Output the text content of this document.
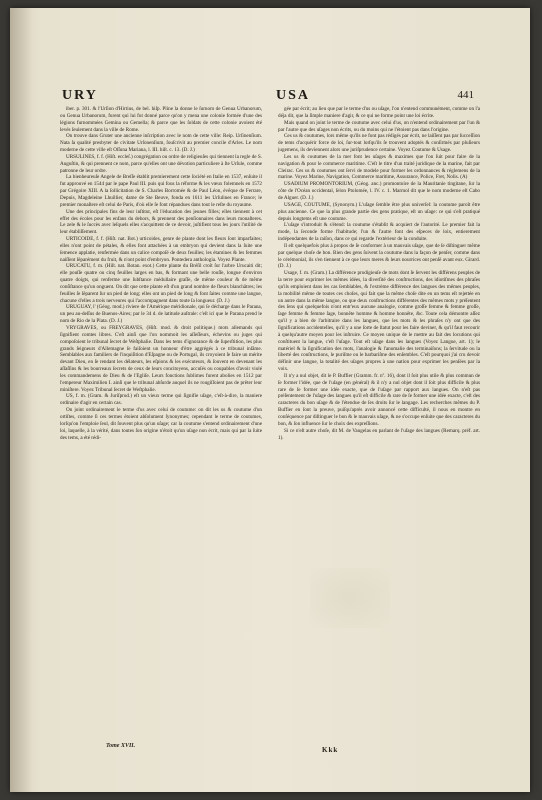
URY	USA	441

iber. p. 301. & l'Urſion d'Hirtius, de bel. hiſp. Pline la donne le ſurnom de Genua Urbanorum, ou Genua Urbanorum, furent qui lui fut donné parce qu'on y mena une colonie formée d'une des légions furnommées Gemina ou Gemella; & parce que les ſoldats de cette colonie avoient été levés ſeulement dans la ville de Rome.

On trouve dans Gruter une ancienne inſcription avec le nom de cette ville: Reip. Urſinenſium. Nata ſa qualité presbyter de civitate Urſonenſium, ſouſcrivit au premier concile d'Arles. Le nom moderne de cette ville eſt Oſſuna Mariana, l. III. hiſt. c. 13. (D. J.)

URSULINES, f. f. (Hiſt. eccleſ.) congrégation ou ordre de religieuſes qui tiennent la regle de S. Auguſtin, & qui prennent ce nom, parce qu'elles ont une dévotion particuliere à ſte Urſule, comme patronne de leur ordre.

La bienheureuſe Angele de Breſſe établit premierement cette ſociété en Italie en 1537, enſuite il fut approuvé en 1544 par le pape Paul III. puis qui fous la réforme & les vœux folemnels en 1572 par Grégoire XIII. A la ſollicitation de S. Charles Borromée & de Paul Léon, évêque de Ferrare, Depuis, Magdeleine Lhuillier, dame de Ste Beuve, fonda en 1611 les Urſulines en France; le premier monaſtere eſt celui de Paris, d'où elle ſe font répandues dans tout le reſte du royaume.

Une des principales fins de leur inſtitut, eſt l'éducation des jeunes filles; elles tiennent à cet effet des écoles pour les enfans du dehors, & prennent des penſionnaires dans leurs monaſteres. Le zele & le ſuccès avec leſquels elles s'acquittent de ce devoir, juſtifient tous les jours l'utilité de leur établiſſement.

URTICOIDE, f. f. (Hiſt. nat. Bot.) urticoides, genre de plante dont les fleurs ſont imparfaites; elles n'ont point de pétales, & elles font attachées à un embryon qui devient dans la ſuite une ſemence applatie, renfermée dans un calice compoſé de deux feuilles; les étamines & les femmes naiſſent ſéparément du fruit, & n'ont point d'embryon. Pontedera anthologia. Voyez Plante.

URUCATU, f. m. (Hiſt. nat. Botan. exot.) Cette plante du Bréſil croît ſur l'arbre Urucaiti dit; elle pouſſe quatre ou cinq feuilles larges en bas, & formant une belle rouſſe, longue d'environ quatre doigts, qui renferme une ſubſtance médullaire graſſe, de même couleur & de même conſiſtance qu'un onguent. On dit que cette plante eſt d'un grand nombre de fleurs blanchâtres; les feuilles ſe ſéparent ſur un pied de long; elles ont un pied de long & font ſaites comme une langue, chacune d'elles a trois nerveures qui l'accompagnent dans toute ſa longueur. (D. J.)

URUGUAY, l' (Géog. mod.) riviere de l'Amérique méridionale, qui ſe décharge dans le Parana, un peu au-deſſus de Buenos-Aires; par le 34 d. de latitude auſtrale: c'eſt ici que le Parana prend le nom de Rio de la Plata. (D. J.)

VRYGRAVES, ou FREYGRAVES, (Hiſt. mod. & droit politique.) mots allemands qui ſignifient comtes libres. C'eſt ainſi que l'on nommoit les aſſeſſeurs, échevins ou juges qui compoſoient le tribunal ſecret de Weſtphalie. Dans les tems d'ignorance & de ſuperſtition, les plus grands ſeigneurs d'Allemagne ſe faiſoient un honneur d'être aggrégés à ce tribunal inſâme. Semblables aux familiers de l'inquiſition d'Eſpagne ou de Portugal, ils croyoient ſe faire un mérite devant Dieu, en ſe rendant les délateurs, les eſpions & les exécuteurs, & ſouvent en devenant les aſſaſſins & les bourreaux ſecrets de ceux de leurs concitoyens, accuſés ou coupables d'avoir violé les commandemens de Dieu & de l'Egliſe. Leurs fonctions ſublimes furent abolies en 1512 par l'empereur Maximilien I. ainſi que le tribunal abſurde auquel ils ne rougiſſoient pas de prêter leur miniſtere. Voyez Tribunal ſecret de Weſtphalie.

US, f. m. (Gram. & Juriſprud.) eſt un vieux terme qui ſignifie uſage, c'eſt-à-dire, la maniere ordinaire d'agir en certain cas.

On joint ordinairement le terme d'us avec celui de coutume: on dit les us & coutume d'un ortiſtes, comme ſi ces termes étoient abſolument ſynonymes; cependant le terme de coutumes, lorſqu'on l'emploie ſeul, dit ſouvent plus qu'un uſage; car la coutume s'entend ordinairement d'une loi, laquelle, à la vérité, dans toutes ſon origine n'étoit qu'un uſage non écrit, mais qui par la ſuite des tems, a été rédi-

gée par écrit; au lieu que par le terme d'us ou uſage, l'on n'entend communément, comme on l'a déja dit, que la ſimple maniere d'agir, & ce qui ne forme point une loi écrite.

Mais quand on joint le terme de coutume avec celui d'us, on n'entend ordinairement par l'un & par l'autre que des uſages non écrits, ou du moins qui ne l'étoient pas dans l'origine.

Ces us & coutumes, lors même qu'ils ne font pas rédigés par écrit, ne laiſſent pas par ſucceſſion de tems d'acquérir force de loi, ſur-tout lorſqu'ils ſe trouvent adoptés & conſirmés par pluſieurs jugemens, ils deviennent alors une juriſprudence certaine. Voyez Coutume & Usage.

Les us & coutumes de la mer font les uſages & maximes que l'on ſuit pour faire de la navigation & pour le commerce maritime. C'eſt le titre d'un traité juridique de la marine, fait par Cleirac. Ces us & coutumes ont ſervi de modele pour former les ordonnances & réglemens de la marine. Voyez Marine, Navigation, Commerce maritime, Assurance, Police, Fret, Nolis. (A)

USADIUM PROMONTORIUM, (Géog. anc.) promontoire de la Mauritanie tingitane, ſur la côte de l'Océan occidental, ſelon Ptolomée, l. IV. c. 1. Marmol dit que le nom moderne eſt Cabo de Alguer. (D. J.)

USAGE, COUTUME, (Synonym.) L'uſage ſemble être plus univerſel: la coutume paroît être plus ancienne. Ce que la plus grande partie des gens pratique, eſt un uſage: ce qui s'eſt pratiqué depuis longtems eſt une coutume.

L'uſage s'introduit & s'étend: la coutume s'établit & acquiert de l'autorité. Le premier fait la mode, la ſeconde forme l'habitude; l'un & l'autre font des eſpeces de loix, entierement indépendantes de la raiſon, dans ce qui regarde l'extérieur de la conduite.

Il eſt quelquefois plus à propos de ſe conformer à un mauvais uſage, que de ſe diſtinguer même par quelque choſe de bon. Bien des gens ſuivent la coutume dans la façon de penſer, comme dans le cérémonial, ils s'en tiennent à ce que leurs meres & leurs nourrices ont penſé avant eux. Girard. (D. J.)

Usage, f. m. (Gram.) La différence prodigieuſe de mots dont ſe ſervent les différens peuples de la terre pour exprimer les mêmes idées, la diverſité des conſtructions, des idiotiſmes des phraſes qu'ils emploient dans les cas ſemblables, & l'extrème différence des langues des mêmes peuples, la mobilité même de toutes ces choſes, qui fait que la même choſe dite en un tems eſt rejettée en un autre dans la même langue, ou que deux conſtructions différentes des mêmes mots y préſentent des ſens qui quelquefois n'ont entr'eux aucune analogie, comme groſſe femme & femme groſſe, ſage femme & femme ſage, bonnête homme & homme honnête, &c. Toute cela démontre aſſez qu'il y a bien de l'arbitraire dans les langues, que les mots & les phraſes n'y ont que des ſignifications accidentelles, qu'il y a une ſorte de ſtatut pour les faire deviner, & qu'il faut recourir à quelqu'autre moyen pour les inſtruire. Ce moyen unique de le mettre au fait des locutions qui conſtituent la langue, c'eſt l'uſage. Tout eſt uſage dans les langues (Voyez Langue, art. 1); le matériel & la ſignification des mots, l'analogie & l'anomalie des terminaiſons; la ſervitude ou la liberté des conſtructions, le puriſme ou le barbariſme des enſembles. C'eſt pourquoi j'ai cru devoir définir une langue, la totalité des uſages propres à une nation pour exprimer les penſées par la voix.

Il n'y a nul objet, dit le P. Buffier (Gramm. fr. nº. 16), dont il ſoit plus utile & plus commun de ſe former l'idée, que de l'uſage (en général) & il n'y a nul objet dont il ſoit plus difficile & plus rare de ſe former une idée exacte, que de l'uſage par rapport aux langues. On n'eſt pas préſentement de l'uſage des langues qu'il eſt difficile & rare de ſe former une idée exacte, c'eſt des caracteres du bon uſage & de l'étendue de ſes droits ſur le langage. Les recherches mêmes du P. Buffier en ſont la preuve, puiſqu'après avoir annoncé cette difficulté, il nous en montre en conſéquence par diſtinguer le bon & le mauvais uſage, & ne s'occupe enſuite que des caracteres du bon, & ſon influence ſur le choix des expreſſions.

Si ce n'eſt autre choſe, dit M. de Vaugelas en parlant de l'uſage des langues (Remarq. préf. art. 1).

Tome XVII.	Kkk
